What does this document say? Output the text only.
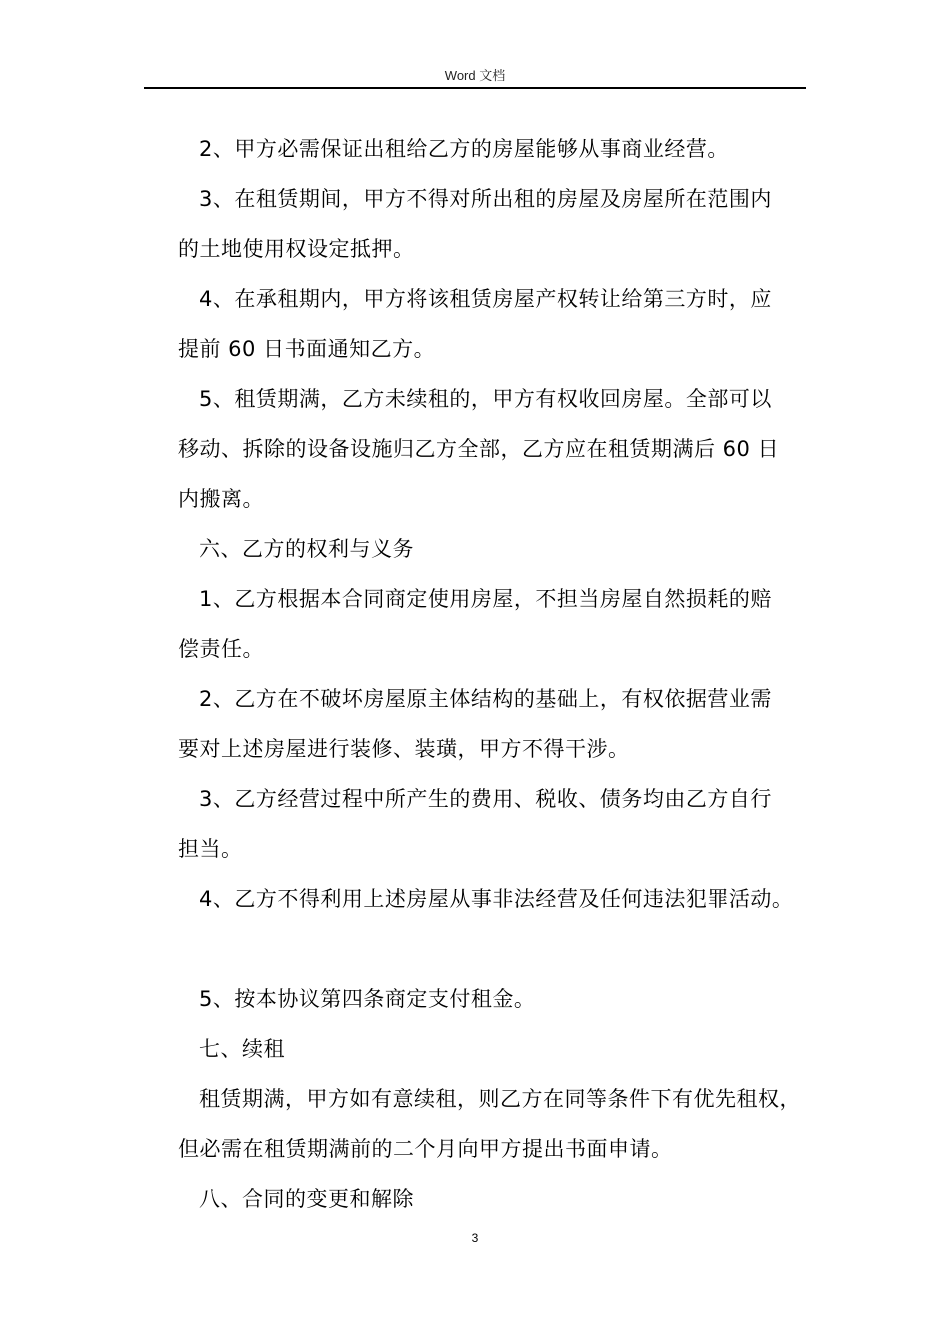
Word 文档
2、甲方必需保证出租给乙方的房屋能够从事商业经营。
3、在租赁期间，甲方不得对所出租的房屋及房屋所在范围内
的土地使用权设定抵押。
4、在承租期内，甲方将该租赁房屋产权转让给第三方时，应
提前 60 日书面通知乙方。
5、租赁期满，乙方未续租的，甲方有权收回房屋。全部可以
移动、拆除的设备设施归乙方全部，乙方应在租赁期满后 60 日
内搬离。
六、乙方的权利与义务
1、乙方根据本合同商定使用房屋，不担当房屋自然损耗的赔
偿责任。
2、乙方在不破坏房屋原主体结构的基础上，有权依据营业需
要对上述房屋进行装修、装璜，甲方不得干涉。
3、乙方经营过程中所产生的费用、税收、债务均由乙方自行
担当。
4、乙方不得利用上述房屋从事非法经营及任何违法犯罪活动。
5、按本协议第四条商定支付租金。
七、续租
租赁期满，甲方如有意续租，则乙方在同等条件下有优先租权，
但必需在租赁期满前的二个月向甲方提出书面申请。
八、合同的变更和解除
3
